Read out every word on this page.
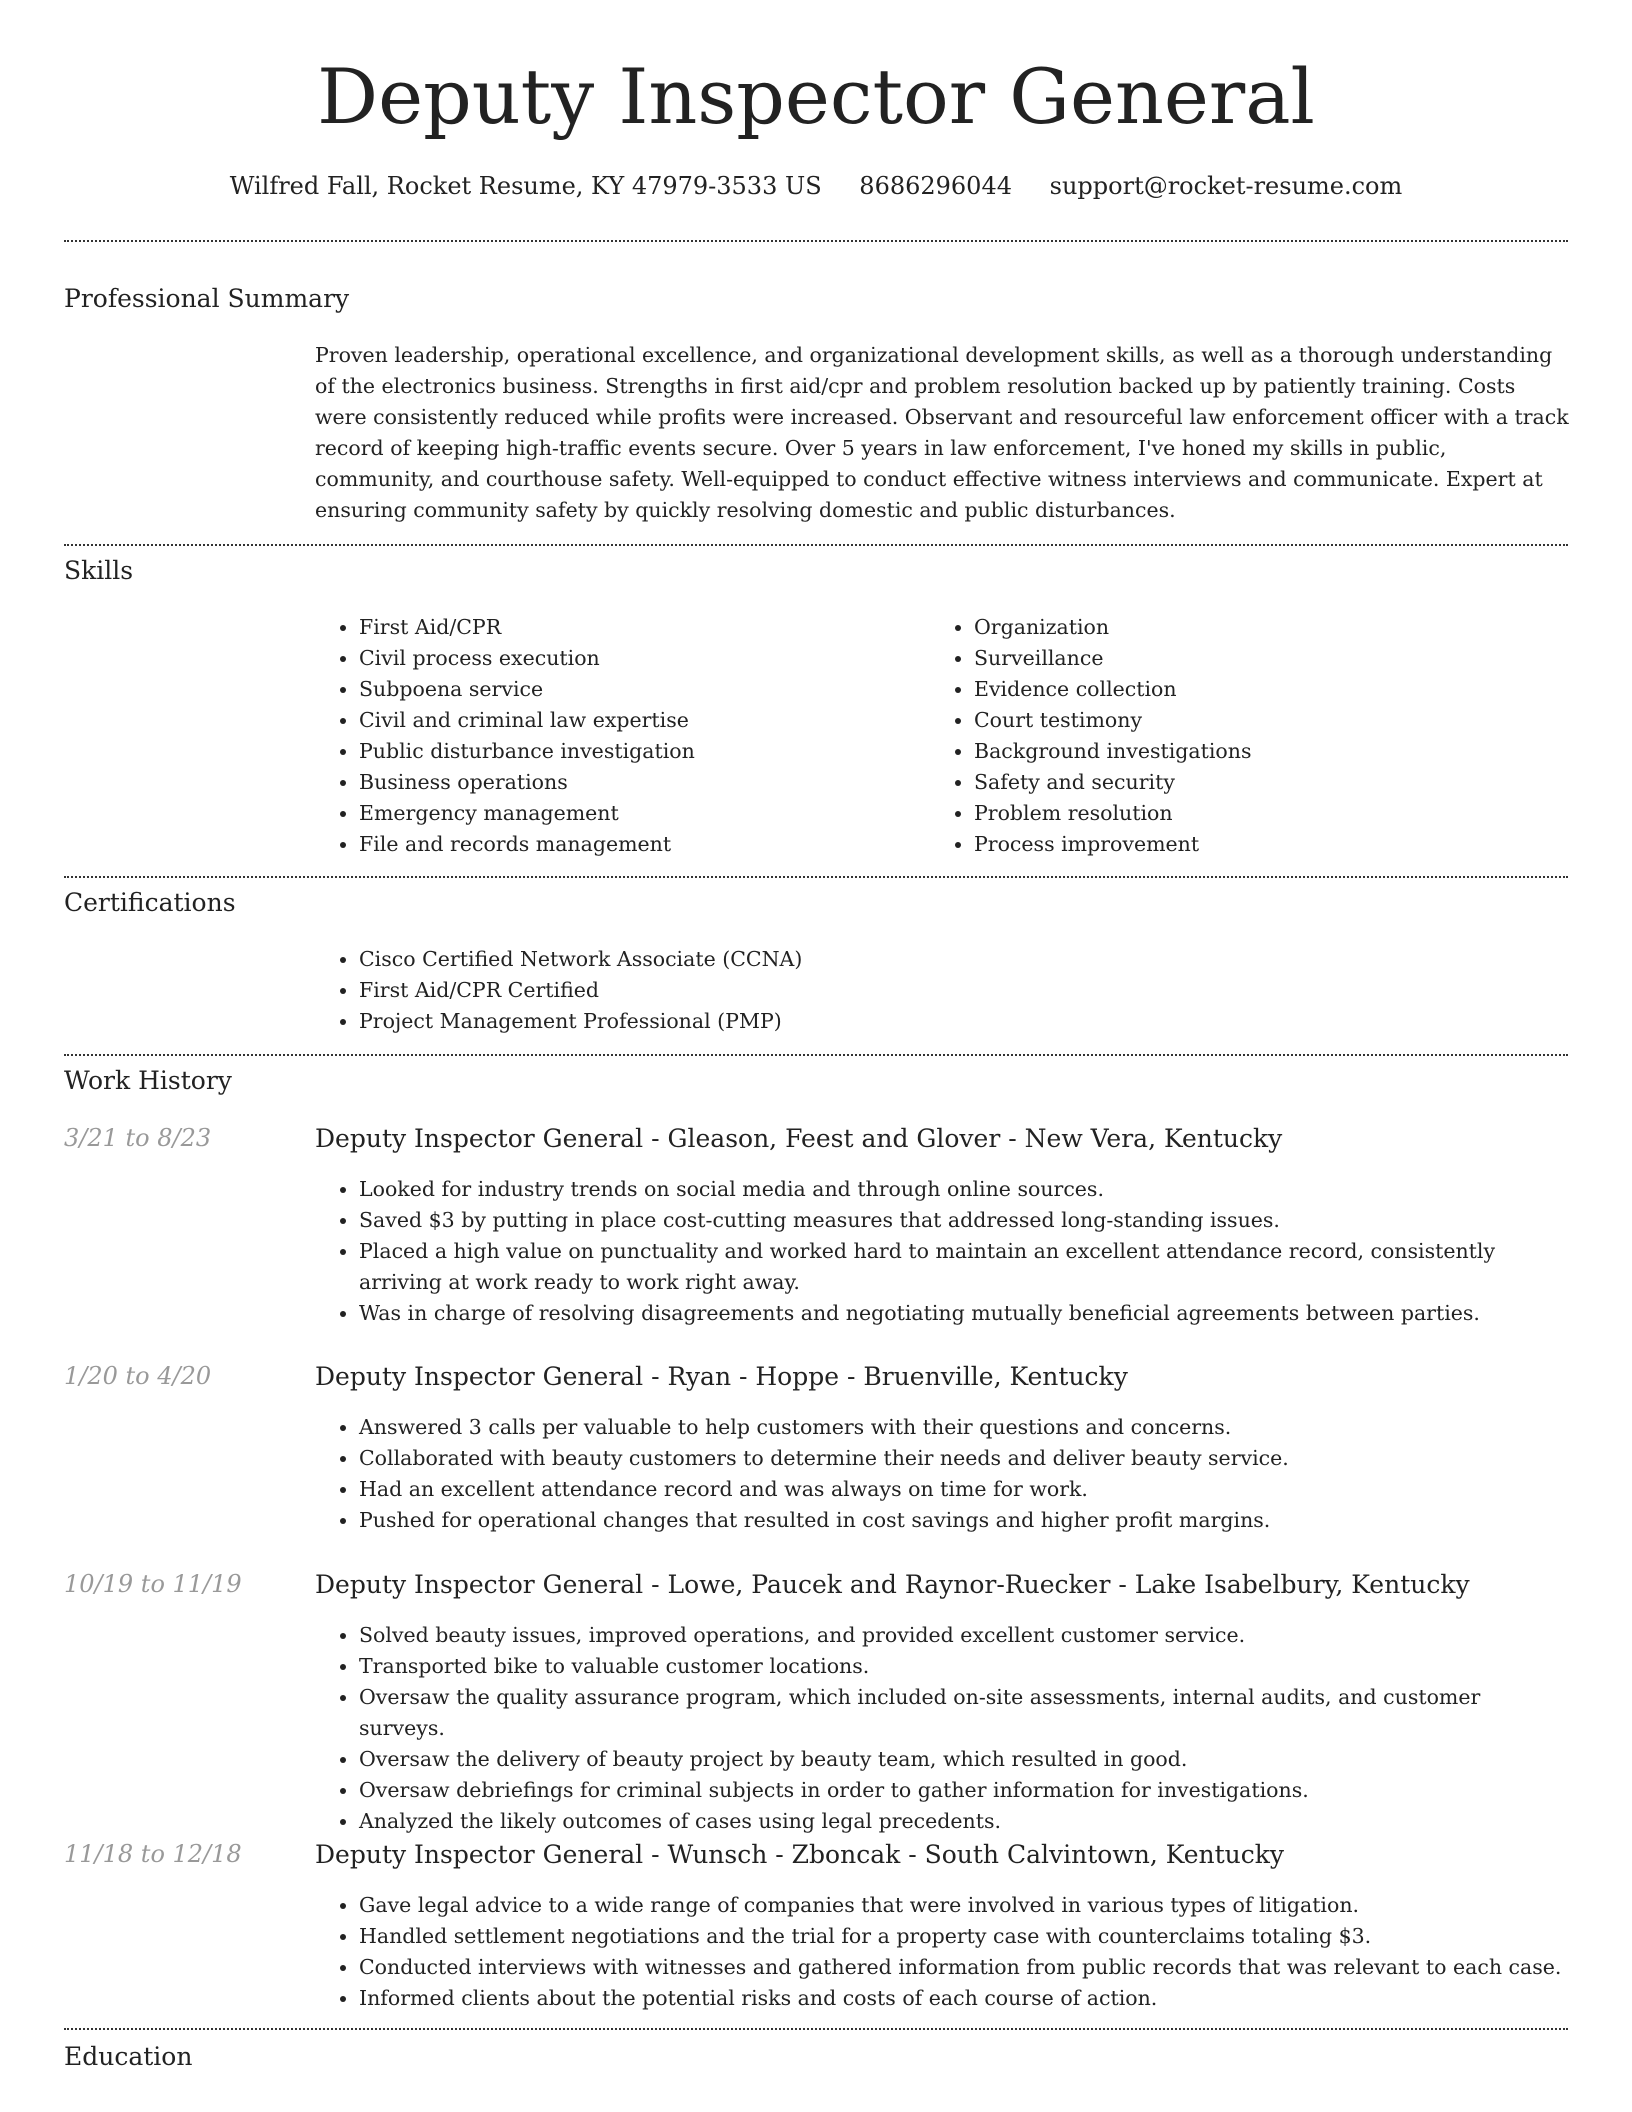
Deputy Inspector General
Wilfred Fall, Rocket Resume, KY 47979-3533 US 8686296044 support@rocket-resume.com
Professional Summary
Proven leadership, operational excellence, and organizational development skills, as well as a thorough understanding of the electronics business. Strengths in first aid/cpr and problem resolution backed up by patiently training. Costs were consistently reduced while profits were increased. Observant and resourceful law enforcement officer with a track record of keeping high-traffic events secure. Over 5 years in law enforcement, I've honed my skills in public, community, and courthouse safety. Well-equipped to conduct effective witness interviews and communicate. Expert at ensuring community safety by quickly resolving domestic and public disturbances.
Skills
• First Aid/CPR
• Civil process execution
• Subpoena service
• Civil and criminal law expertise
• Public disturbance investigation
• Business operations
• Emergency management
• File and records management
• Organization
• Surveillance
• Evidence collection
• Court testimony
• Background investigations
• Safety and security
• Problem resolution
• Process improvement
Certifications
• Cisco Certified Network Associate (CCNA)
• First Aid/CPR Certified
• Project Management Professional (PMP)
Work History
3/21 to 8/23	Deputy Inspector General - Gleason, Feest and Glover - New Vera, Kentucky
• Looked for industry trends on social media and through online sources.
• Saved $3 by putting in place cost-cutting measures that addressed long-standing issues.
• Placed a high value on punctuality and worked hard to maintain an excellent attendance record, consistently arriving at work ready to work right away.
• Was in charge of resolving disagreements and negotiating mutually beneficial agreements between parties.
1/20 to 4/20	Deputy Inspector General - Ryan - Hoppe - Bruenville, Kentucky
• Answered 3 calls per valuable to help customers with their questions and concerns.
• Collaborated with beauty customers to determine their needs and deliver beauty service.
• Had an excellent attendance record and was always on time for work.
• Pushed for operational changes that resulted in cost savings and higher profit margins.
10/19 to 11/19	Deputy Inspector General - Lowe, Paucek and Raynor-Ruecker - Lake Isabelbury, Kentucky
• Solved beauty issues, improved operations, and provided excellent customer service.
• Transported bike to valuable customer locations.
• Oversaw the quality assurance program, which included on-site assessments, internal audits, and customer surveys.
• Oversaw the delivery of beauty project by beauty team, which resulted in good.
• Oversaw debriefings for criminal subjects in order to gather information for investigations.
• Analyzed the likely outcomes of cases using legal precedents.
11/18 to 12/18	Deputy Inspector General - Wunsch - Zboncak - South Calvintown, Kentucky
• Gave legal advice to a wide range of companies that were involved in various types of litigation.
• Handled settlement negotiations and the trial for a property case with counterclaims totaling $3.
• Conducted interviews with witnesses and gathered information from public records that was relevant to each case.
• Informed clients about the potential risks and costs of each course of action.
Education
